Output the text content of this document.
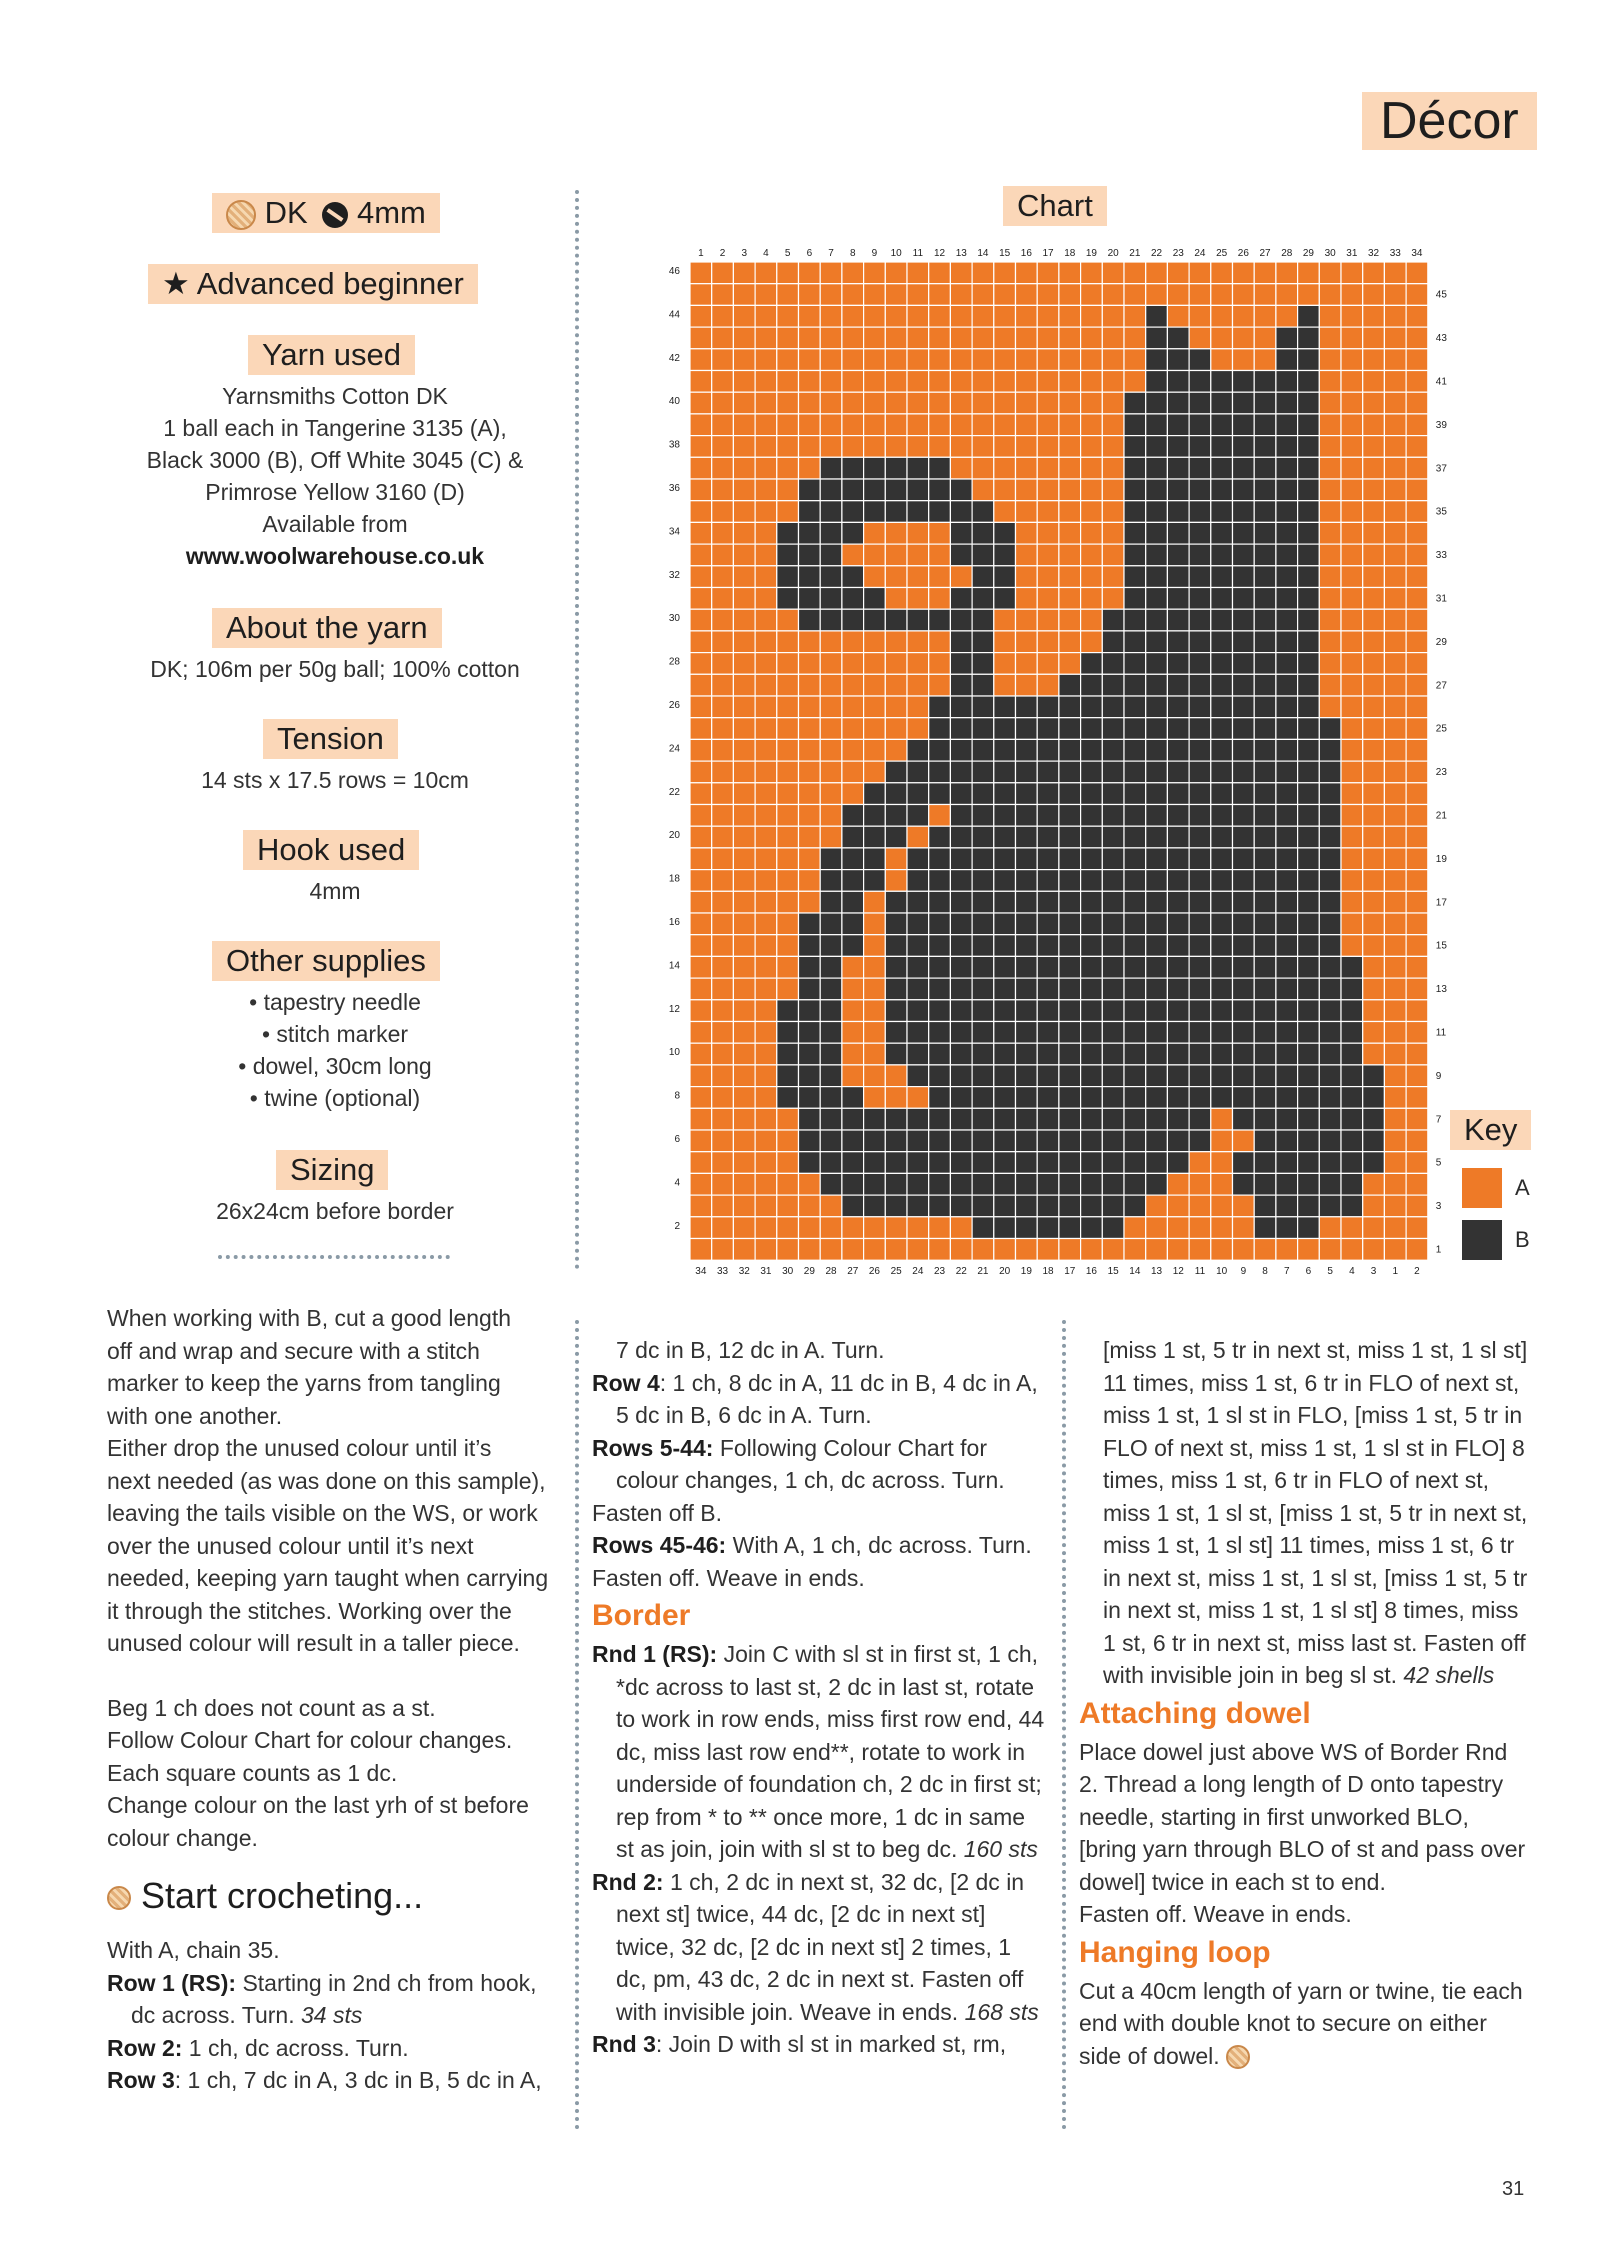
Décor
DK 4mm
★ Advanced beginner
Yarn used
Yarnsmiths Cotton DK
1 ball each in Tangerine 3135 (A),
Black 3000 (B), Off White 3045 (C) &
Primrose Yellow 3160 (D)
Available from
www.woolwarehouse.co.uk
About the yarn
DK; 106m per 50g ball; 100% cotton
Tension
14 sts x 17.5 rows = 10cm
Hook used
4mm
Other supplies
• tapestry needle
• stitch marker
• dowel, 30cm long
• twine (optional)
Sizing
26x24cm before border
Chart
1 2 3 4 5 6 7 8 9 10 11 12 13 14 15 16 17 18 19 20 21 22 23 24 25 26 27 28 29 30 31 32 33 34
34 33 32 31 30 29 28 27 26 25 24 23 22 21 20 19 18 17 16 15 14 13 12 11 10 9 8 7 6 5 4 3 1 2
46
44
42
40
38
36
34
32
30
28
26
24
22
20
18
16
14
12
10
8
6
4
2
45
43
41
39
37
35
33
31
29
27
25
23
21
19
17
15
13
11
9
7
5
3
1
Key
A
B

When working with B, cut a good length

off and wrap and secure with a stitch

marker to keep the yarns from tangling

with one another.

Either drop the unused colour until it’s

next needed (as was done on this sample),

leaving the tails visible on the WS, or work

over the unused colour until it’s next

needed, keeping yarn taught when carrying

it through the stitches. Working over the

unused colour will result in a taller piece.

Beg 1 ch does not count as a st.

Follow Colour Chart for colour changes.

Each square counts as 1 dc.

Change colour on the last yrh of st before

colour change.

Start crocheting...

With A, chain 35.

Row 1 (RS): Starting in 2nd ch from hook, dc across. Turn. 34 sts

Row 2: 1 ch, dc across. Turn.

Row 3: 1 ch, 7 dc in A, 3 dc in B, 5 dc in A,

7 dc in B, 12 dc in A. Turn.

Row 4: 1 ch, 8 dc in A, 11 dc in B, 4 dc in A, 5 dc in B, 6 dc in A. Turn.

Rows 5-44: Following Colour Chart for colour changes, 1 ch, dc across. Turn.

Fasten off B.

Rows 45-46: With A, 1 ch, dc across. Turn.

Fasten off. Weave in ends.

Border

Rnd 1 (RS): Join C with sl st in first st, 1 ch, *dc across to last st, 2 dc in last st, rotate to work in row ends, miss first row end, 44 dc, miss last row end**, rotate to work in underside of foundation ch, 2 dc in first st; rep from * to ** once more, 1 dc in same st as join, join with sl st to beg dc. 160 sts

Rnd 2: 1 ch, 2 dc in next st, 32 dc, [2 dc in next st] twice, 44 dc, [2 dc in next st] twice, 32 dc, [2 dc in next st] 2 times, 1 dc, pm, 43 dc, 2 dc in next st. Fasten off with invisible join. Weave in ends. 168 sts

Rnd 3: Join D with sl st in marked st, rm,

[miss 1 st, 5 tr in next st, miss 1 st, 1 sl st] 11 times, miss 1 st, 6 tr in FLO of next st, miss 1 st, 1 sl st in FLO, [miss 1 st, 5 tr in FLO of next st, miss 1 st, 1 sl st in FLO] 8 times, miss 1 st, 6 tr in FLO of next st, miss 1 st, 1 sl st, [miss 1 st, 5 tr in next st, miss 1 st, 1 sl st] 11 times, miss 1 st, 6 tr in next st, miss 1 st, 1 sl st, [miss 1 st, 5 tr in next st, miss 1 st, 1 sl st] 8 times, miss 1 st, 6 tr in next st, miss last st. Fasten off with invisible join in beg sl st. 42 shells

Attaching dowel

Place dowel just above WS of Border Rnd 2. Thread a long length of D onto tapestry needle, starting in first unworked BLO, [bring yarn through BLO of st and pass over dowel] twice in each st to end.

Fasten off. Weave in ends.

Hanging loop

Cut a 40cm length of yarn or twine, tie each end with double knot to secure on either side of dowel.

31
